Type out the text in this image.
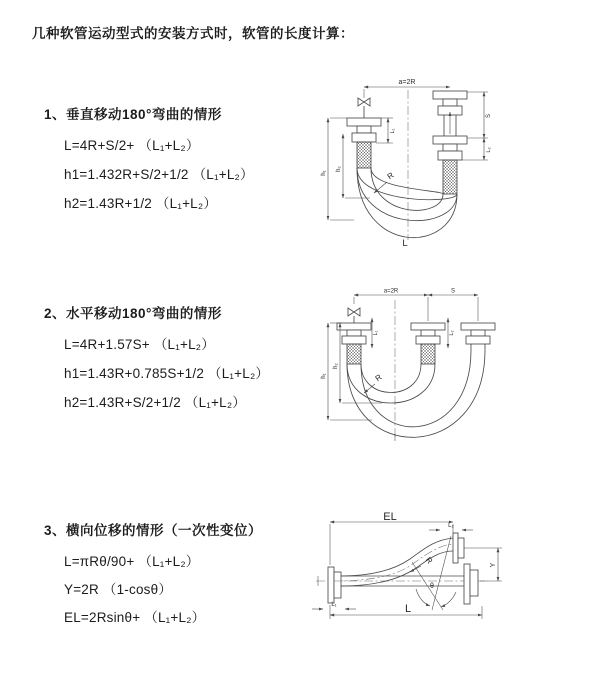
几种软管运动型式的安装方式时，软管的长度计算：
1、垂直移动180°弯曲的情形
L=4R+S/2+ （L₁+L₂）
h1=1.432R+S/2+1/2 （L₁+L₂）
h2=1.43R+1/2 （L₁+L₂）
2、水平移动180°弯曲的情形
L=4R+1.57S+ （L₁+L₂）
h1=1.43R+0.785S+1/2 （L₁+L₂）
h2=1.43R+S/2+1/2 （L₁+L₂）
3、横向位移的情形（一次性变位）
L=πRθ/90+ （L₁+L₂）
Y=2R （1-cosθ）
EL=2Rsinθ+ （L₁+L₂）
a=2R
h₁
h₂
L₁
S
L₂
R
L
a=2R	S
L₁	L₂
h₁
h₂
R
EL
L₂
θ
R	Y
L₁	L
